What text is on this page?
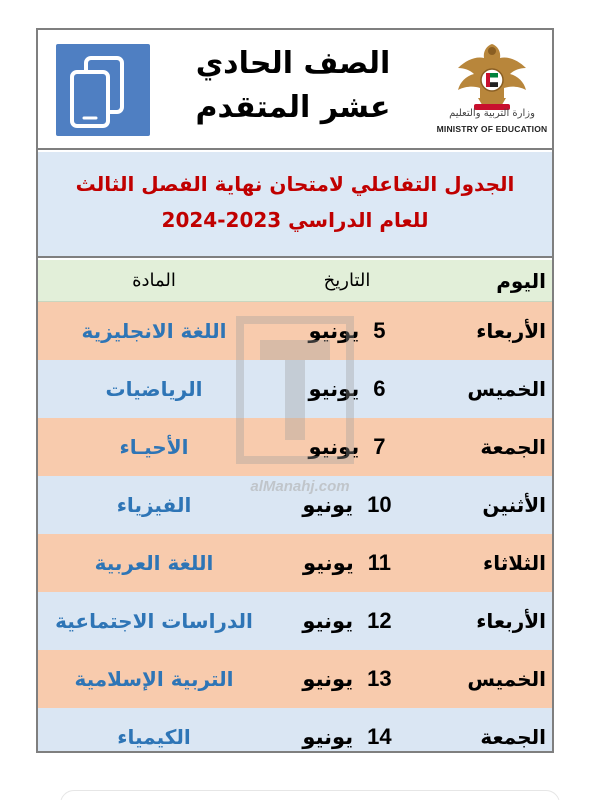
الصف الحادي
عشر المتقدم	وزارة التربية والتعليم
MINISTRY OF EDUCATION
الجدول التفاعلي لامتحان نهاية الفصل الثالث
للعام الدراسي 2023-2024
اليوم
التاريخ
المادة
الأربعاء
5
يونيو
اللغة الانجليزية
الخميس
6
يونيو
الرياضيات
الجمعة
7
يونيو
الأحيـاء
الأثنين
10
يونيو
الفيزياء
الثلاثاء
11
يونيو
اللغة العربية
الأربعاء
12
يونيو
الدراسات الاجتماعية
الخميس
13
يونيو
التربية الإسلامية
الجمعة
14
يونيو
الكيمياء
alManahj.com
